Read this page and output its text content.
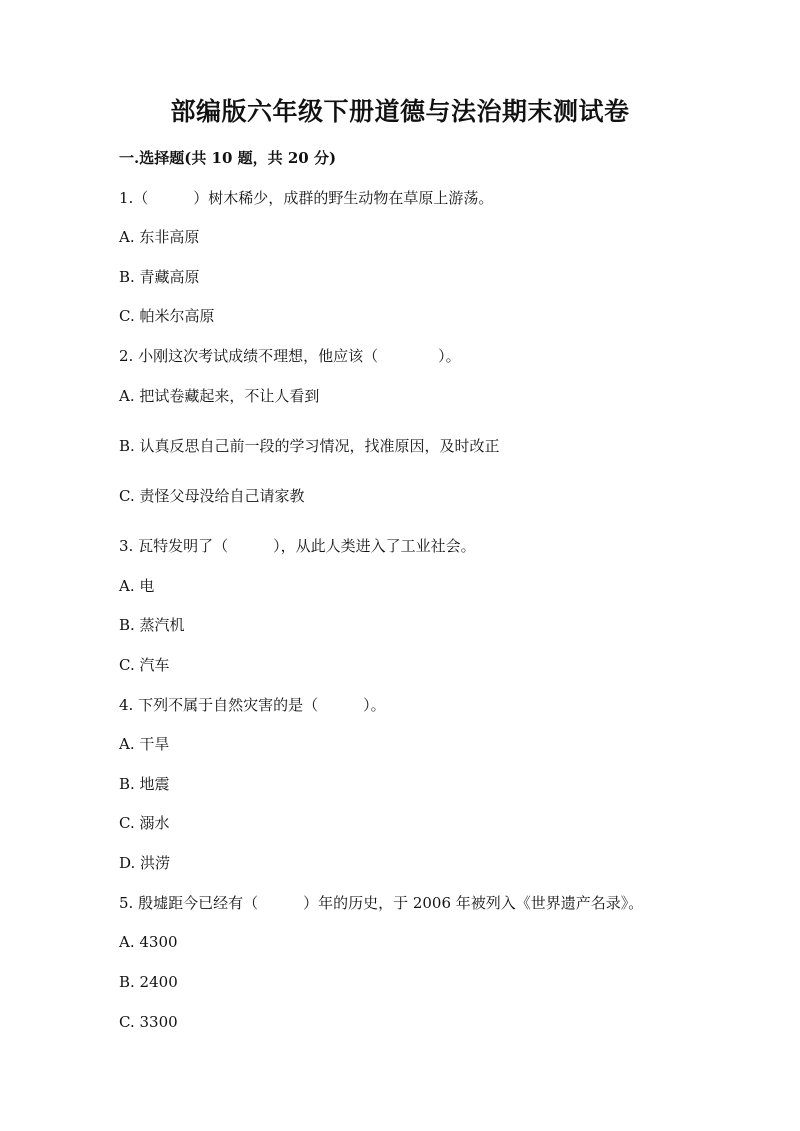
部编版六年级下册道德与法治期末测试卷
一.选择题(共 10 题，共 20 分)
1.（　　　）树木稀少，成群的野生动物在草原上游荡。
A. 东非高原
B. 青藏高原
C. 帕米尔高原
2. 小刚这次考试成绩不理想，他应该（　　　　）。
A. 把试卷藏起来，不让人看到
B. 认真反思自己前一段的学习情况，找准原因，及时改正
C. 责怪父母没给自己请家教
3. 瓦特发明了（　　　），从此人类进入了工业社会。
A. 电
B. 蒸汽机
C. 汽车
4. 下列不属于自然灾害的是（　　　）。
A. 干旱
B. 地震
C. 溺水
D. 洪涝
5. 殷墟距今已经有（　　　）年的历史，于 2006 年被列入《世界遗产名录》。
A. 4300
B. 2400
C. 3300
